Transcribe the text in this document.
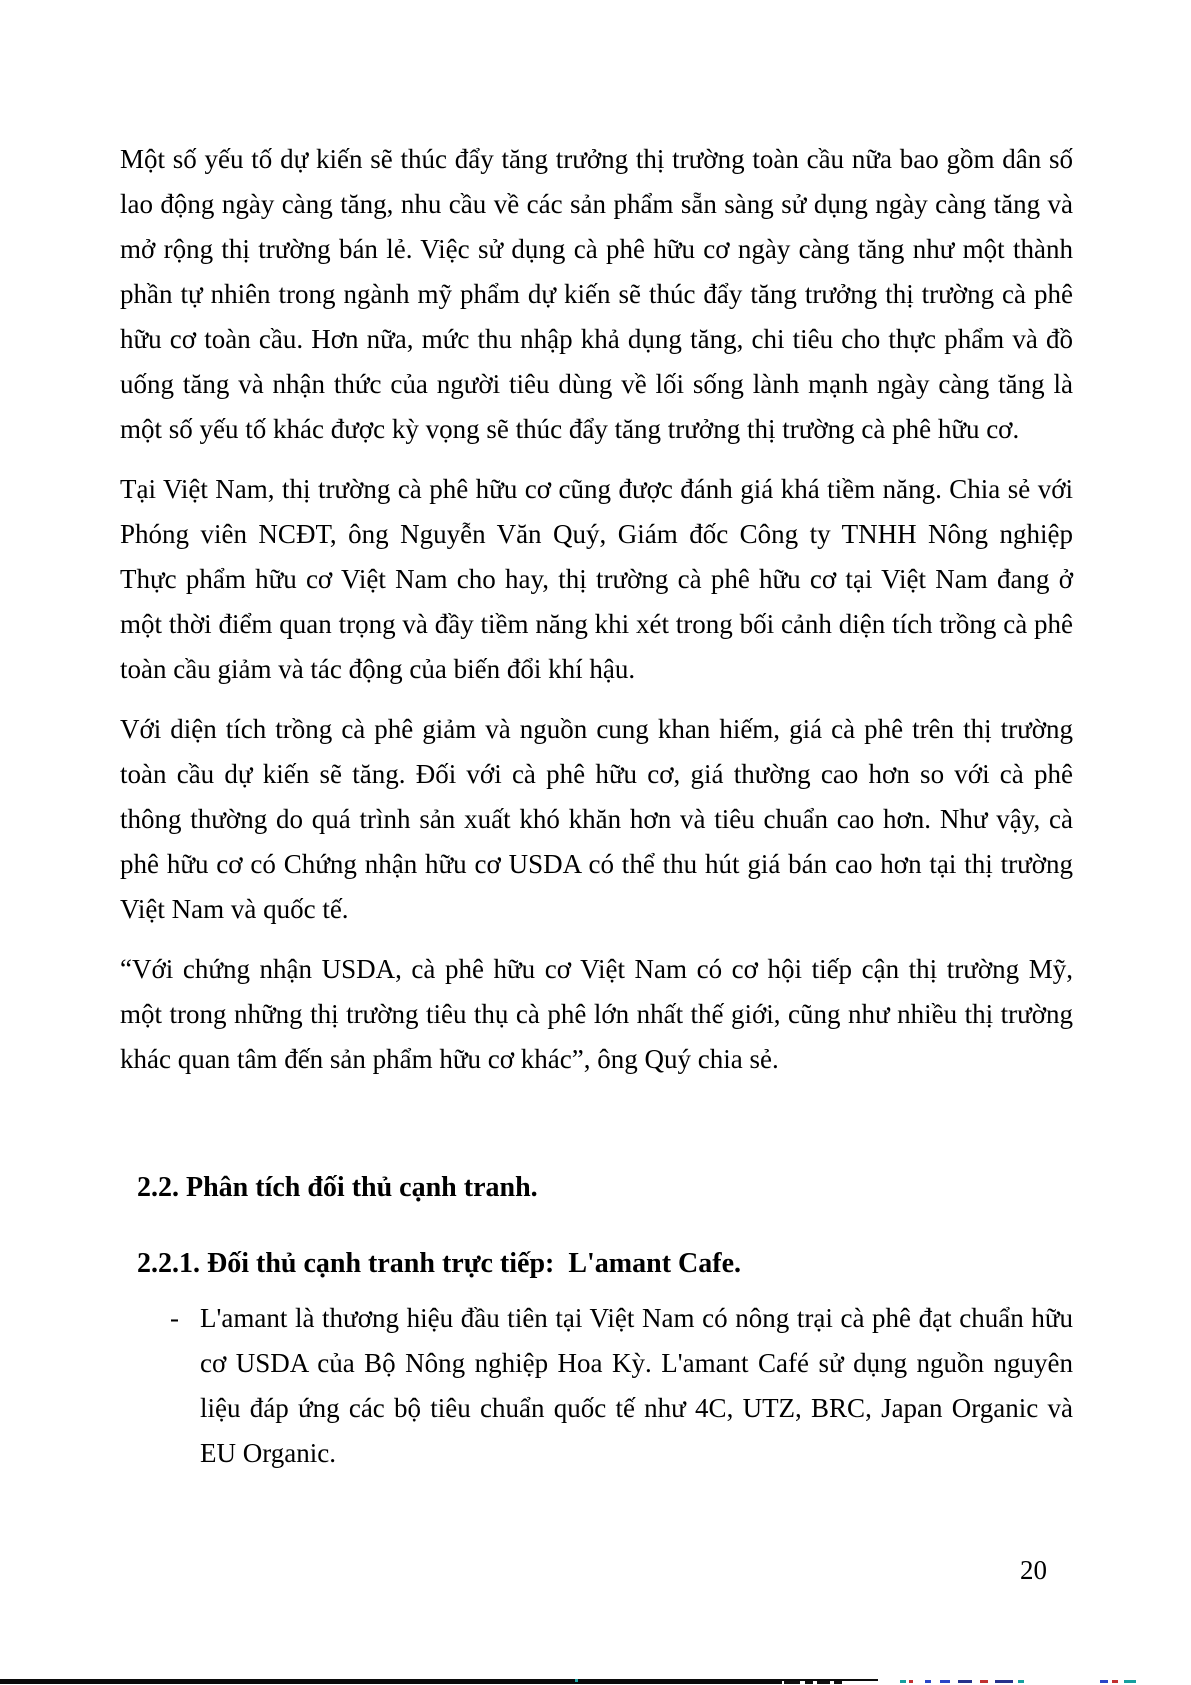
Một số yếu tố dự kiến sẽ thúc đẩy tăng trưởng thị trường toàn cầu nữa bao gồm dân số lao động ngày càng tăng, nhu cầu về các sản phẩm sẵn sàng sử dụng ngày càng tăng và mở rộng thị trường bán lẻ. Việc sử dụng cà phê hữu cơ ngày càng tăng như một thành phần tự nhiên trong ngành mỹ phẩm dự kiến sẽ thúc đẩy tăng trưởng thị trường cà phê hữu cơ toàn cầu. Hơn nữa, mức thu nhập khả dụng tăng, chi tiêu cho thực phẩm và đồ uống tăng và nhận thức của người tiêu dùng về lối sống lành mạnh ngày càng tăng là một số yếu tố khác được kỳ vọng sẽ thúc đẩy tăng trưởng thị trường cà phê hữu cơ.

Tại Việt Nam, thị trường cà phê hữu cơ cũng được đánh giá khá tiềm năng. Chia sẻ với Phóng viên NCĐT, ông Nguyễn Văn Quý, Giám đốc Công ty TNHH Nông nghiệp Thực phẩm hữu cơ Việt Nam cho hay, thị trường cà phê hữu cơ tại Việt Nam đang ở một thời điểm quan trọng và đầy tiềm năng khi xét trong bối cảnh diện tích trồng cà phê toàn cầu giảm và tác động của biến đổi khí hậu.

Với diện tích trồng cà phê giảm và nguồn cung khan hiếm, giá cà phê trên thị trường toàn cầu dự kiến sẽ tăng. Đối với cà phê hữu cơ, giá thường cao hơn so với cà phê thông thường do quá trình sản xuất khó khăn hơn và tiêu chuẩn cao hơn. Như vậy, cà phê hữu cơ có Chứng nhận hữu cơ USDA có thể thu hút giá bán cao hơn tại thị trường Việt Nam và quốc tế.

“Với chứng nhận USDA, cà phê hữu cơ Việt Nam có cơ hội tiếp cận thị trường Mỹ, một trong những thị trường tiêu thụ cà phê lớn nhất thế giới, cũng như nhiều thị trường khác quan tâm đến sản phẩm hữu cơ khác”, ông Quý chia sẻ.

2.2. Phân tích đối thủ cạnh tranh.
2.2.1. Đối thủ cạnh tranh trực tiếp:  L'amant Cafe.
- L'amant là thương hiệu đầu tiên tại Việt Nam có nông trại cà phê đạt chuẩn hữu cơ USDA của Bộ Nông nghiệp Hoa Kỳ. L'amant Café sử dụng nguồn nguyên liệu đáp ứng các bộ tiêu chuẩn quốc tế như 4C, UTZ, BRC, Japan Organic và EU Organic.
20
